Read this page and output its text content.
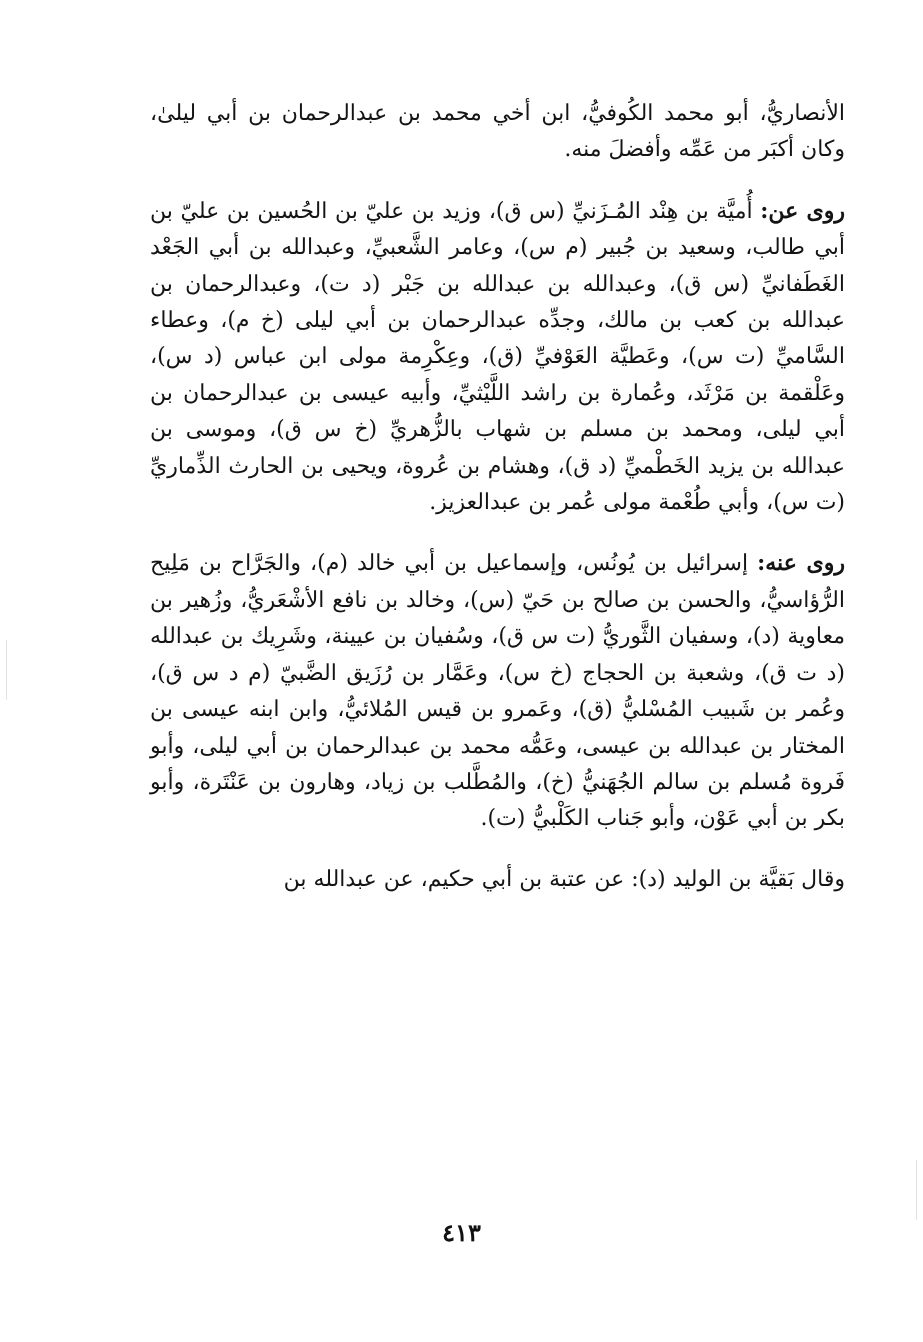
الأنصاريُّ، أبو محمد الكُوفيُّ، ابن أخي محمد بن عبدالرحمان بن أبي ليلىٰ، وكان أكبَر من عَمِّه وأفضلَ منه.

روى عن: أُميَّة بن هِنْد المُـزَنيِّ (س ق)، وزيد بن عليّ بن الحُسين بن عليّ بن أبي طالب، وسعيد بن جُبير (م س)، وعامر الشَّعبيِّ، وعبدالله بن أبي الجَعْد الغَطَفانيِّ (س ق)، وعبدالله بن عبدالله بن جَبْر (د ت)، وعبدالرحمان بن عبدالله بن كعب بن مالك، وجدِّه عبدالرحمان بن أبي ليلى (خ م)، وعطاء السَّاميِّ (ت س)، وعَطيَّة العَوْفيِّ (ق)، وعِكْرِمة مولى ابن عباس (د س)، وعَلْقمة بن مَرْثَد، وعُمارة بن راشد اللَّيْثيِّ، وأبيه عيسى بن عبدالرحمان بن أبي ليلى، ومحمد بن مسلم بن شهاب بالزُّهريِّ (خ س ق)، وموسى بن عبدالله بن يزيد الخَطْميِّ (د ق)، وهشام بن عُروة، ويحيى بن الحارث الذِّماريِّ (ت س)، وأبي طُعْمة مولى عُمر بن عبدالعزيز.

روى عنه: إسرائيل بن يُونُس، وإسماعيل بن أبي خالد (م)، والجَرَّاح بن مَلِيح الرُّؤاسيُّ، والحسن بن صالح بن حَيّ (س)، وخالد بن نافع الأشْعَريُّ، وزُهير بن معاوية (د)، وسفيان الثَّوريُّ (ت س ق)، وسُفيان بن عيينة، وشَرِيك بن عبدالله (د ت ق)، وشعبة بن الحجاج (خ س)، وعَمَّار بن رُزَيق الضَّبيّ (م د س ق)، وعُمر بن شَبيب المُسْليُّ (ق)، وعَمرو بن قيس المُلائيُّ، وابن ابنه عيسى بن المختار بن عبدالله بن عيسى، وعَمُّه محمد بن عبدالرحمان بن أبي ليلى، وأبو فَروة مُسلم بن سالم الجُهَنيُّ (خ)، والمُطَّلب بن زياد، وهارون بن عَنْتَرة، وأبو بكر بن أبي عَوْن، وأبو جَناب الكَلْبيُّ (ت).

وقال بَقيَّة بن الوليد (د): عن عتبة بن أبي حكيم، عن عبدالله بن

٤١٣
